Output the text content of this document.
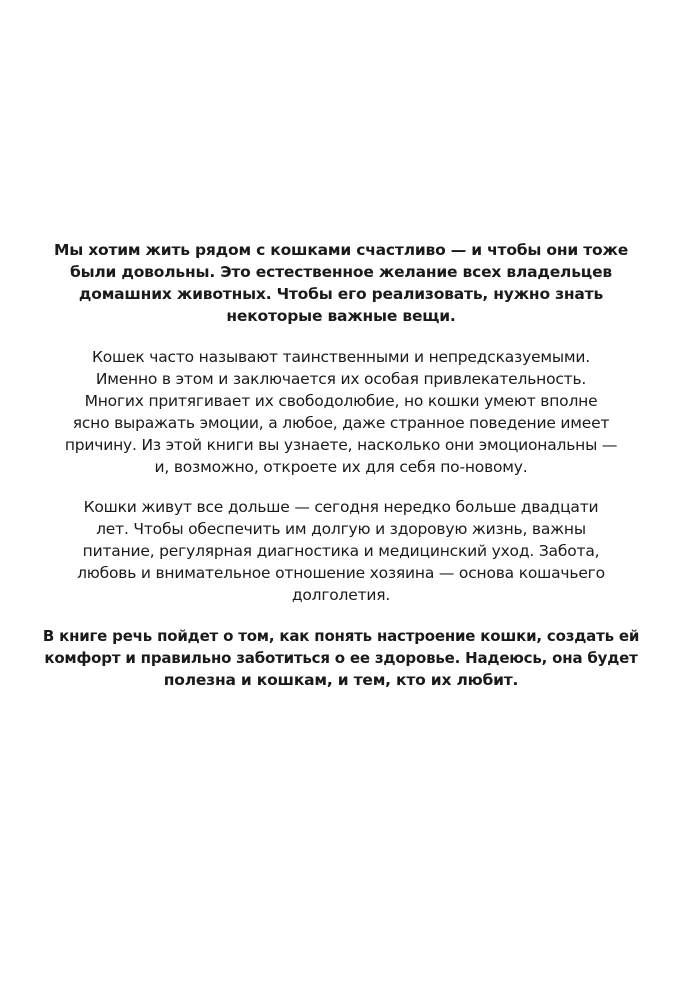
Мы хотим жить рядом с кошками счастливо — и чтобы они тоже
были довольны. Это естественное желание всех владельцев
домашних животных. Чтобы его реализовать, нужно знать
некоторые важные вещи.
Кошек часто называют таинственными и непредсказуемыми.
Именно в этом и заключается их особая привлекательность.
Многих притягивает их свободолюбие, но кошки умеют вполне
ясно выражать эмоции, а любое, даже странное поведение имеет
причину. Из этой книги вы узнаете, насколько они эмоциональны —
и, возможно, откроете их для себя по-новому.
Кошки живут все дольше — сегодня нередко больше двадцати
лет. Чтобы обеспечить им долгую и здоровую жизнь, важны
питание, регулярная диагностика и медицинский уход. Забота,
любовь и внимательное отношение хозяина — основа кошачьего
долголетия.
В книге речь пойдет о том, как понять настроение кошки, создать ей
комфорт и правильно заботиться о ее здоровье. Надеюсь, она будет
полезна и кошкам, и тем, кто их любит.
